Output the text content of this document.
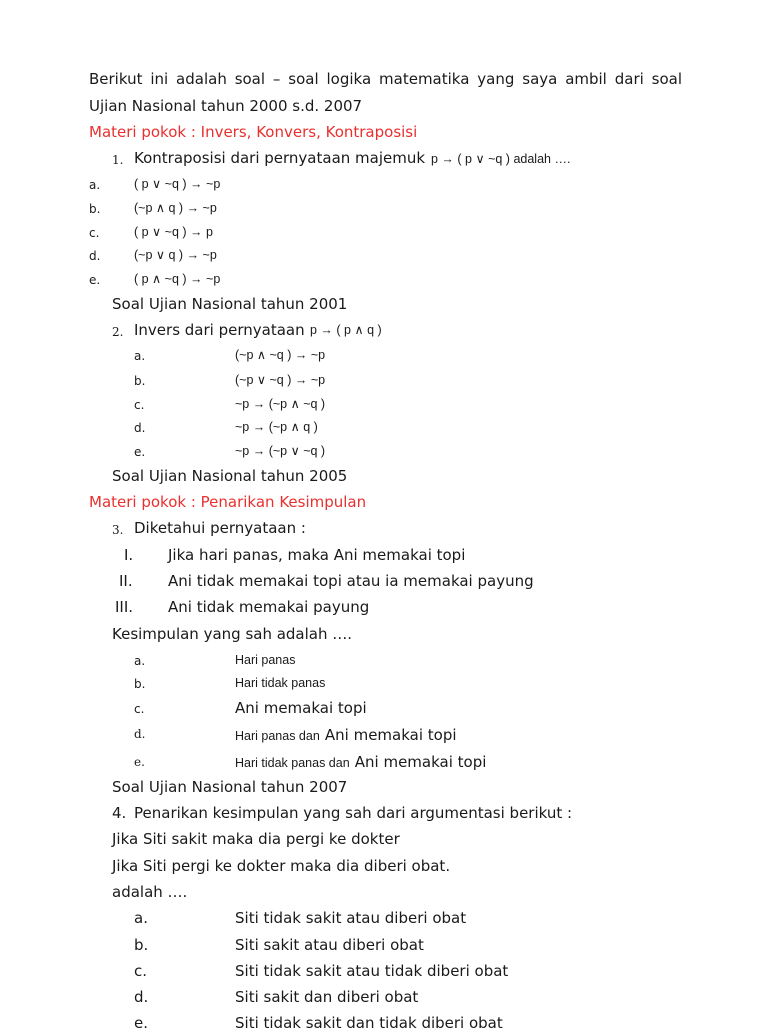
Berikut ini adalah soal – soal logika matematika yang saya ambil dari soal
Ujian Nasional tahun 2000 s.d. 2007
Materi pokok : Invers, Konvers, Kontraposisi
1. Kontraposisi dari pernyataan majemuk p → ( p ∨ ~q ) adalah ….
a.	( p ∨ ~q ) → ~p
b.	(~p ∧ q ) → ~p
c.	( p ∨ ~q ) → p
d.	(~p ∨ q ) → ~p
e.	( p ∧ ~q ) → ~p
Soal Ujian Nasional tahun 2001
2. Invers dari pernyataan p → ( p ∧ q )
a.	(~p ∧ ~q ) → ~p
b.	(~p ∨ ~q ) → ~p
c.	~p → (~p ∧ ~q )
d.	~p → (~p ∧ q )
e.	~p → (~p ∨ ~q )
Soal Ujian Nasional tahun 2005
Materi pokok : Penarikan Kesimpulan
3. Diketahui pernyataan :
I. Jika hari panas, maka Ani memakai topi
II. Ani tidak memakai topi atau ia memakai payung
III. Ani tidak memakai payung
Kesimpulan yang sah adalah ….
a.	Hari panas
b.	Hari tidak panas
c.	Ani memakai topi
d.	Hari panas dan Ani memakai topi
e.	Hari tidak panas dan Ani memakai topi
Soal Ujian Nasional tahun 2007
4. Penarikan kesimpulan yang sah dari argumentasi berikut :
Jika Siti sakit maka dia pergi ke dokter
Jika Siti pergi ke dokter maka dia diberi obat.
adalah ….
a.	Siti tidak sakit atau diberi obat
b.	Siti sakit atau diberi obat
c.	Siti tidak sakit atau tidak diberi obat
d.	Siti sakit dan diberi obat
e.	Siti tidak sakit dan tidak diberi obat
